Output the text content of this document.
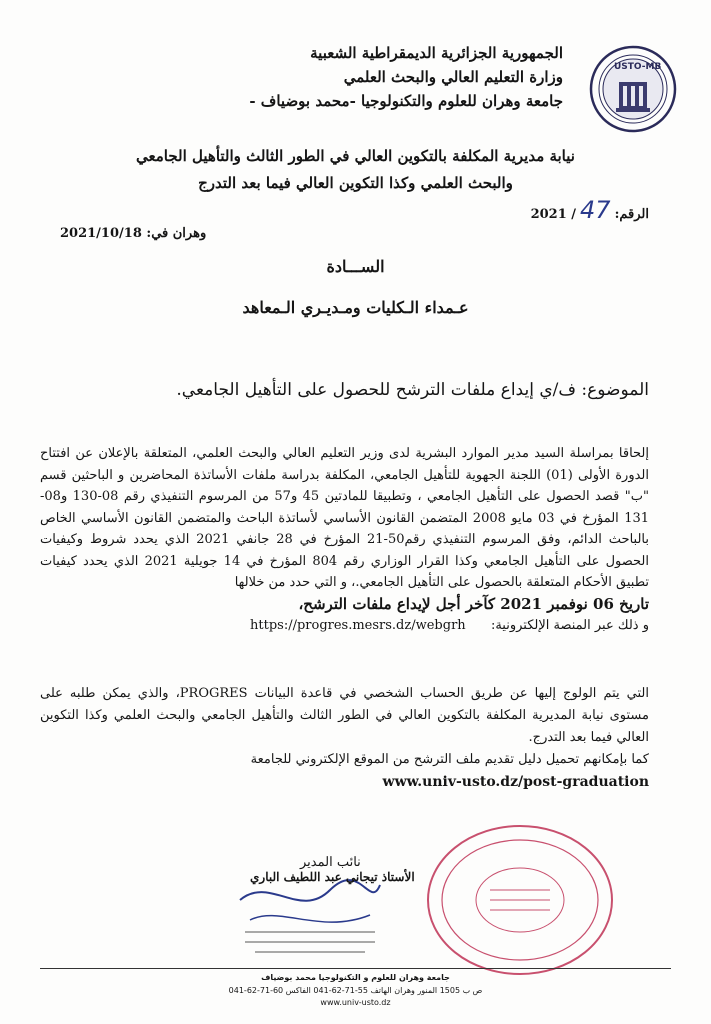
USTO-MB
الجمهورية الجزائرية الديمقراطية الشعبية
وزارة التعليم العالي والبحث العلمي
جامعة وهران للعلوم والتكنولوجيا -محمد بوضياف -
نيابة مديرية المكلفة بالتكوين العالي في الطور الثالث والتأهيل الجامعي
والبحث العلمي وكذا التكوين العالي فيما بعد التدرج
الرقم:47/ 2021
وهران في: 2021/10/18
الســـادة
عـمداء الـكليات ومـديـري الـمعاهد
الموضوع: ف/ي إيداع ملفات الترشح للحصول على التأهيل الجامعي.

إلحاقا بمراسلة السيد مدير الموارد البشرية لدى وزير التعليم العالي والبحث العلمي، المتعلقة بالإعلان عن افتتاح الدورة الأولى (01) اللجنة الجهوية للتأهيل الجامعي، المكلفة بدراسة ملفات الأساتذة المحاضرين و الباحثين قسم "ب" قصد الحصول على التأهيل الجامعي ، وتطبيقا للمادتين 45 و57 من المرسوم التنفيذي رقم 08-130 و08-131 المؤرخ في 03 مايو 2008 المتضمن القانون الأساسي لأساتذة الباحث والمتضمن القانون الأساسي الخاص بالباحث الدائم، وفق المرسوم التنفيذي رقم50-21 المؤرخ في 28 جانفي 2021 الذي يحدد شروط وكيفيات الحصول على التأهيل الجامعي وكذا القرار الوزاري رقم 804 المؤرخ في 14 جويلية 2021 الذي يحدد كيفيات تطبيق الأحكام المتعلقة بالحصول على التأهيل الجامعي.، و التي حدد من خلالها

تاريخ 06 نوفمبر 2021 كآخر أجل لإيداع ملفات الترشح،

و ذلك عبر المنصة الإلكترونية:
https://progres.mesrs.dz/webgrh

التي يتم الولوج إليها عن طريق الحساب الشخصي في قاعدة البيانات PROGRES، والذي يمكن طلبه على مستوى نيابة المديرية المكلفة بالتكوين العالي في الطور الثالث والتأهيل الجامعي والبحث العلمي وكذا التكوين العالي فيما بعد التدرج.

كما بإمكانهم تحميل دليل تقديم ملف الترشح من الموقع الإلكتروني للجامعة

www.univ-usto.dz/post-graduation

نائب المدير
الأستاذ تيجاني عبد اللطيف الباري
جامعة وهران للعلوم و التكنولوجيا محمد بوضياف
ص ب 1505 المنور وهران الهاتف 55-71-62-041 الفاكس 60-71-62-041
www.univ-usto.dz
